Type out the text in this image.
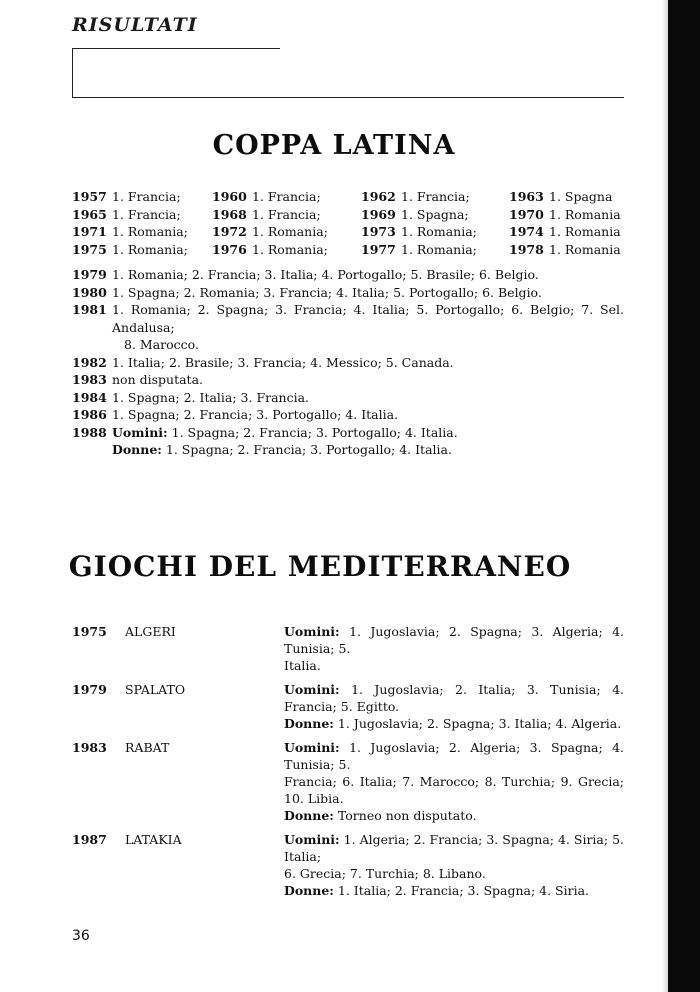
RISULTATI
COPPA LATINA
1957 1. Francia;	1960 1. Francia;	1962 1. Francia;	1963 1. Spagna
1965 1. Francia;	1968 1. Francia;	1969 1. Spagna;	1970 1. Romania
1971 1. Romania; 1972 1. Romania;	1973 1. Romania;	1974 1. Romania
1975 1. Romania; 1976 1. Romania;	1977 1. Romania;	1978 1. Romania
1979 1. Romania; 2. Francia; 3. Italia; 4. Portogallo; 5. Brasile; 6. Belgio.
1980 1. Spagna; 2. Romania; 3. Francia; 4. Italia; 5. Portogallo; 6. Belgio.
1981 1. Romania; 2. Spagna; 3. Francia; 4. Italia; 5. Portogallo; 6. Belgio; 7. Sel. Andalusa;
8. Marocco.
1982 1. Italia; 2. Brasile; 3. Francia; 4. Messico; 5. Canada.
1983 non disputata.
1984 1. Spagna; 2. Italia; 3. Francia.
1986 1. Spagna; 2. Francia; 3. Portogallo; 4. Italia.
1988 Uomini: 1. Spagna; 2. Francia; 3. Portogallo; 4. Italia.
Donne: 1. Spagna; 2. Francia; 3. Portogallo; 4. Italia.
GIOCHI DEL MEDITERRANEO
1975	ALGERI	Uomini: 1. Jugoslavia; 2. Spagna; 3. Algeria; 4. Tunisia; 5.
Italia.
1979	SPALATO	Uomini: 1. Jugoslavia; 2. Italia; 3. Tunisia; 4. Francia; 5. Egitto.
Donne: 1. Jugoslavia; 2. Spagna; 3. Italia; 4. Algeria.
1983	RABAT	Uomini: 1. Jugoslavia; 2. Algeria; 3. Spagna; 4. Tunisia; 5.
Francia; 6. Italia; 7. Marocco; 8. Turchia; 9. Grecia; 10. Libia.
Donne: Torneo non disputato.
1987	LATAKIA	Uomini: 1. Algeria; 2. Francia; 3. Spagna; 4. Siria; 5. Italia;
6. Grecia; 7. Turchia; 8. Libano.
Donne: 1. Italia; 2. Francia; 3. Spagna; 4. Siria.
36
